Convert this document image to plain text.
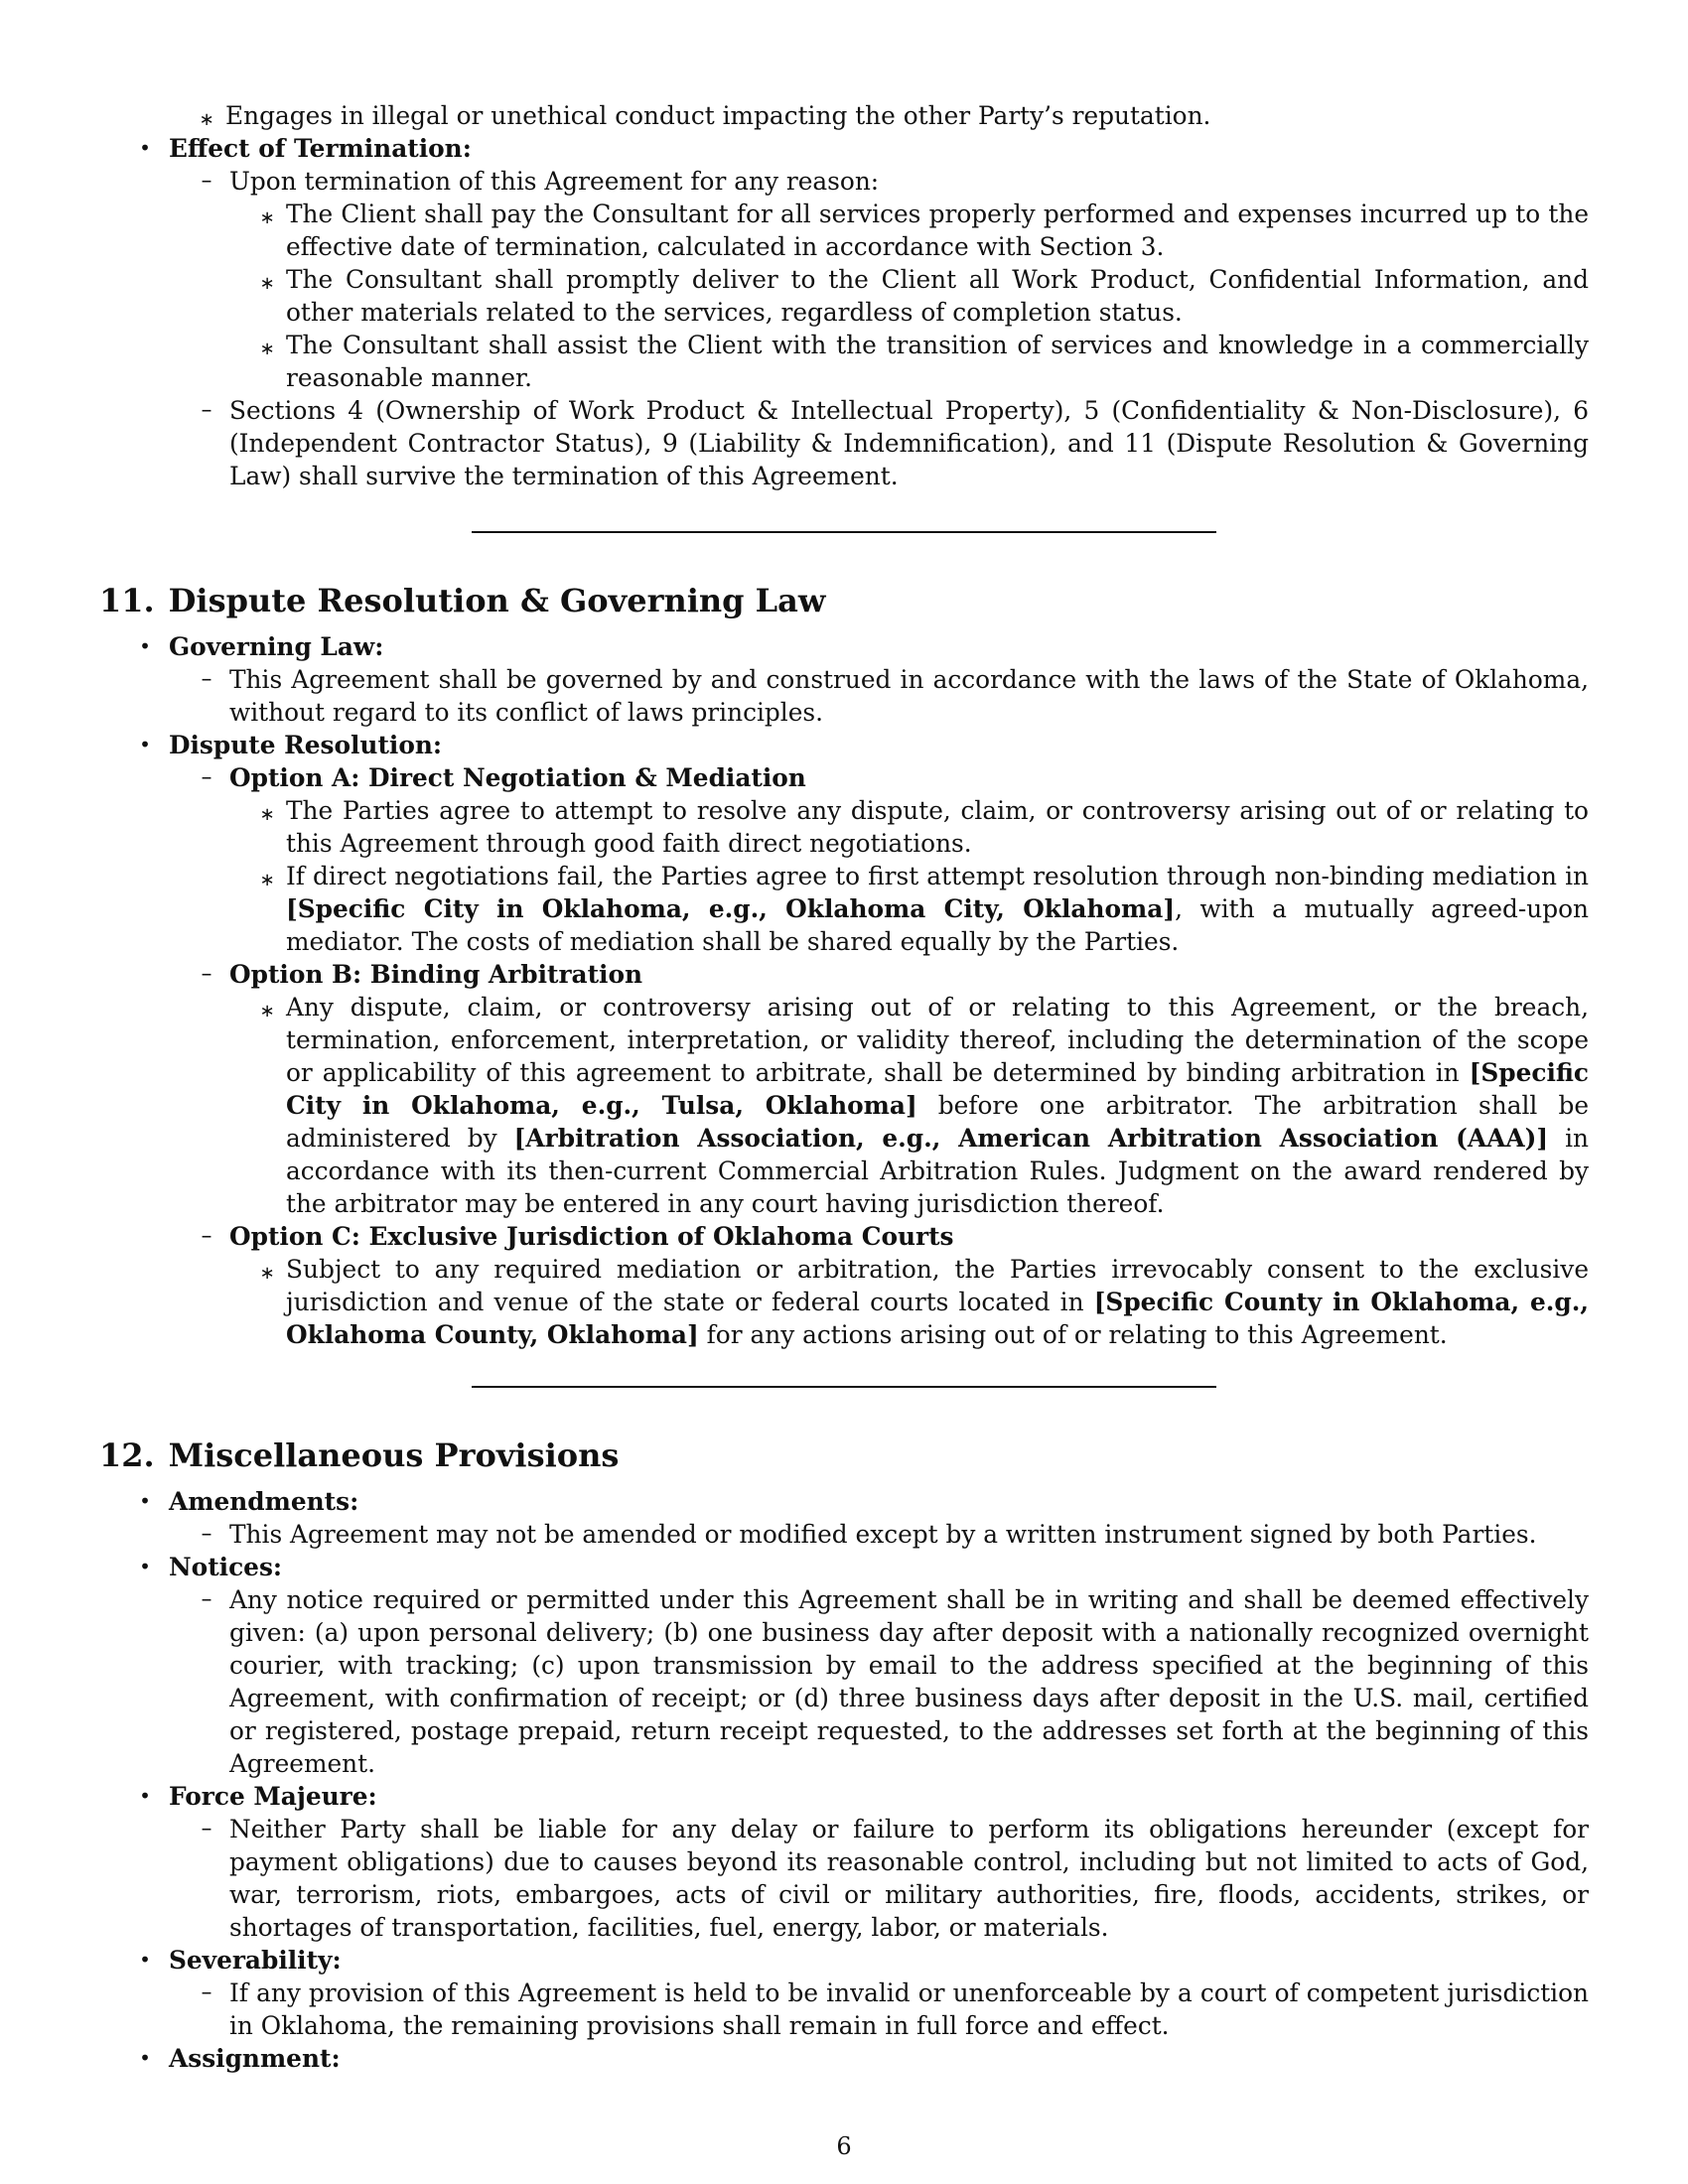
∗ Engages in illegal or unethical conduct impacting the other Party’s reputation.
• Effect of Termination:
– Upon termination of this Agreement for any reason:
∗ The Client shall pay the Consultant for all services properly performed and expenses incurred up to the effective date of termination, calculated in accordance with Section 3.
∗ The Consultant shall promptly deliver to the Client all Work Product, Confidential Information, and other materials related to the services, regardless of completion status.
∗ The Consultant shall assist the Client with the transition of services and knowledge in a commercially reasonable manner.
– Sections 4 (Ownership of Work Product & Intellectual Property), 5 (Confidentiality & Non-Disclosure), 6 (Independent Contractor Status), 9 (Liability & Indemnification), and 11 (Dispute Resolution & Governing Law) shall survive the termination of this Agreement.
11. Dispute Resolution & Governing Law
• Governing Law:
– This Agreement shall be governed by and construed in accordance with the laws of the State of Oklahoma, without regard to its conflict of laws principles.
• Dispute Resolution:
– Option A: Direct Negotiation & Mediation
∗ The Parties agree to attempt to resolve any dispute, claim, or controversy arising out of or relating to this Agreement through good faith direct negotiations.
∗ If direct negotiations fail, the Parties agree to first attempt resolution through non-binding mediation in [Specific City in Oklahoma, e.g., Oklahoma City, Oklahoma], with a mutually agreed-upon mediator. The costs of mediation shall be shared equally by the Parties.
– Option B: Binding Arbitration
∗ Any dispute, claim, or controversy arising out of or relating to this Agreement, or the breach, termination, enforcement, interpretation, or validity thereof, including the determination of the scope or applicability of this agreement to arbitrate, shall be determined by binding arbitration in [Specific City in Oklahoma, e.g., Tulsa, Oklahoma] before one arbitrator. The arbitration shall be administered by [Arbitration Association, e.g., American Arbitration Association (AAA)] in accordance with its then-current Commercial Arbitration Rules. Judgment on the award rendered by the arbitrator may be entered in any court having jurisdiction thereof.
– Option C: Exclusive Jurisdiction of Oklahoma Courts
∗ Subject to any required mediation or arbitration, the Parties irrevocably consent to the exclusive jurisdiction and venue of the state or federal courts located in [Specific County in Oklahoma, e.g., Oklahoma County, Oklahoma] for any actions arising out of or relating to this Agreement.
12. Miscellaneous Provisions
• Amendments:
– This Agreement may not be amended or modified except by a written instrument signed by both Parties.
• Notices:
– Any notice required or permitted under this Agreement shall be in writing and shall be deemed effectively given: (a) upon personal delivery; (b) one business day after deposit with a nationally recognized overnight courier, with tracking; (c) upon transmission by email to the address specified at the beginning of this Agreement, with confirmation of receipt; or (d) three business days after deposit in the U.S. mail, certified or registered, postage prepaid, return receipt requested, to the addresses set forth at the beginning of this Agreement.
• Force Majeure:
– Neither Party shall be liable for any delay or failure to perform its obligations hereunder (except for payment obligations) due to causes beyond its reasonable control, including but not limited to acts of God, war, terrorism, riots, embargoes, acts of civil or military authorities, fire, floods, accidents, strikes, or shortages of transportation, facilities, fuel, energy, labor, or materials.
• Severability:
– If any provision of this Agreement is held to be invalid or unenforceable by a court of competent jurisdiction in Oklahoma, the remaining provisions shall remain in full force and effect.
• Assignment:
6
